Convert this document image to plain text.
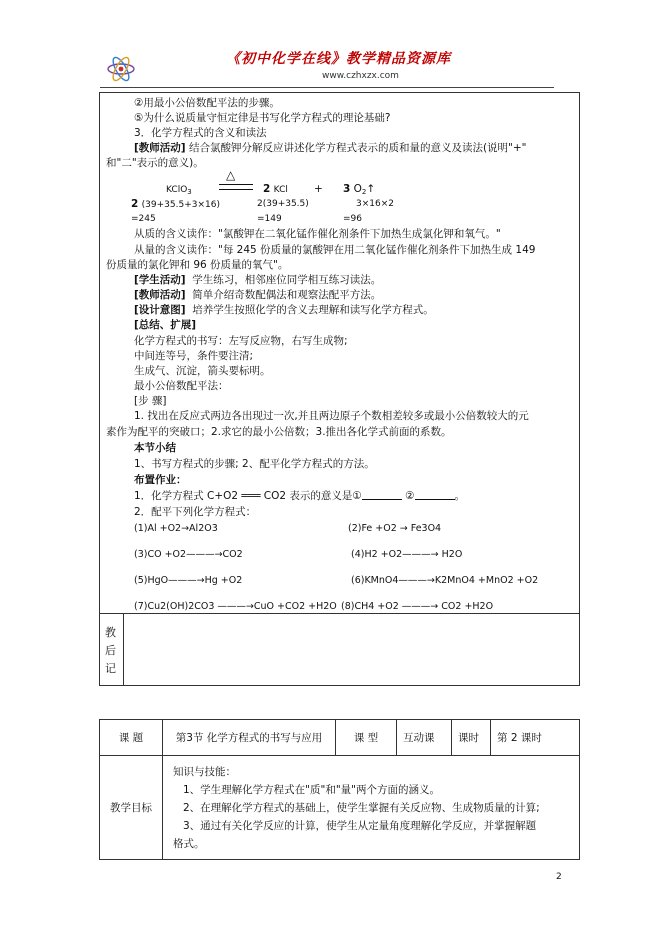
《初中化学在线》教学精品资源库
www.czhxzx.com
②用最小公倍数配平法的步骤。
⑤为什么说质量守恒定律是书写化学方程式的理论基础?
3．化学方程式的含义和读法
[教师活动] 结合氯酸钾分解反应讲述化学方程式表示的质和量的意义及读法(说明"+"
和"二"表示的意义)。
△
KClO$_3$	2 KCl + 3 $O_2↑$
2 (39+35.5+3×16)	2(39+35.5)	3×16×2
=245	=149	=96
从质的含义读作："氯酸钾在二氧化锰作催化剂条件下加热生成氯化钾和氧气。"
从量的含义读作："每 245 份质量的氯酸钾在用二氧化锰作催化剂条件下加热生成 149
份质量的氯化钾和 96 份质量的氧气"。
[学生活动] 学生练习，相邻座位同学相互练习读法。
[教师活动] 简单介绍奇数配偶法和观察法配平方法。
[设计意图] 培养学生按照化学的含义去理解和读写化学方程式。
[总结、扩展]
化学方程式的书写：左写反应物，右写生成物;
中间连等号，条件要注清;
生成气、沉淀，箭头要标明。
最小公倍数配平法：
[步 骤]
1. 找出在反应式两边各出现过一次,并且两边原子个数相差较多或最小公倍数较大的元
素作为配平的突破口；2.求它的最小公倍数；3.推出各化学式前面的系数。
本节小结
1、书写方程式的步骤; 2、配平化学方程式的方法。
布置作业：
1．化学方程式 C+O2 ═══ CO2 表示的意义是①	②	。
2．配平下列化学方程式：
(1)Al +O2→Al2O3	(2)Fe +O2 → Fe3O4
(3)CO +O2———→CO2	(4)H2 +O2———→ H2O
(5)HgO———→Hg +O2	(6)KMnO4———→K2MnO4 +MnO2 +O2
(7)Cu2(OH)2CO3 ———→CuO +CO2 +H2O (8)CH4 +O2 ———→ CO2 +H2O
教后记
课 题	第3节 化学方程式的书写与应用	课 型	互动课	课时	第 2 课时
教学目标	知识与技能：
1、学生理解化学方程式在"质"和"量"两个方面的涵义。
2、在理解化学方程式的基础上，使学生掌握有关反应物、生成物质量的计算;
3、通过有关化学反应的计算，使学生从定量角度理解化学反应，并掌握解题
格式。				
2
